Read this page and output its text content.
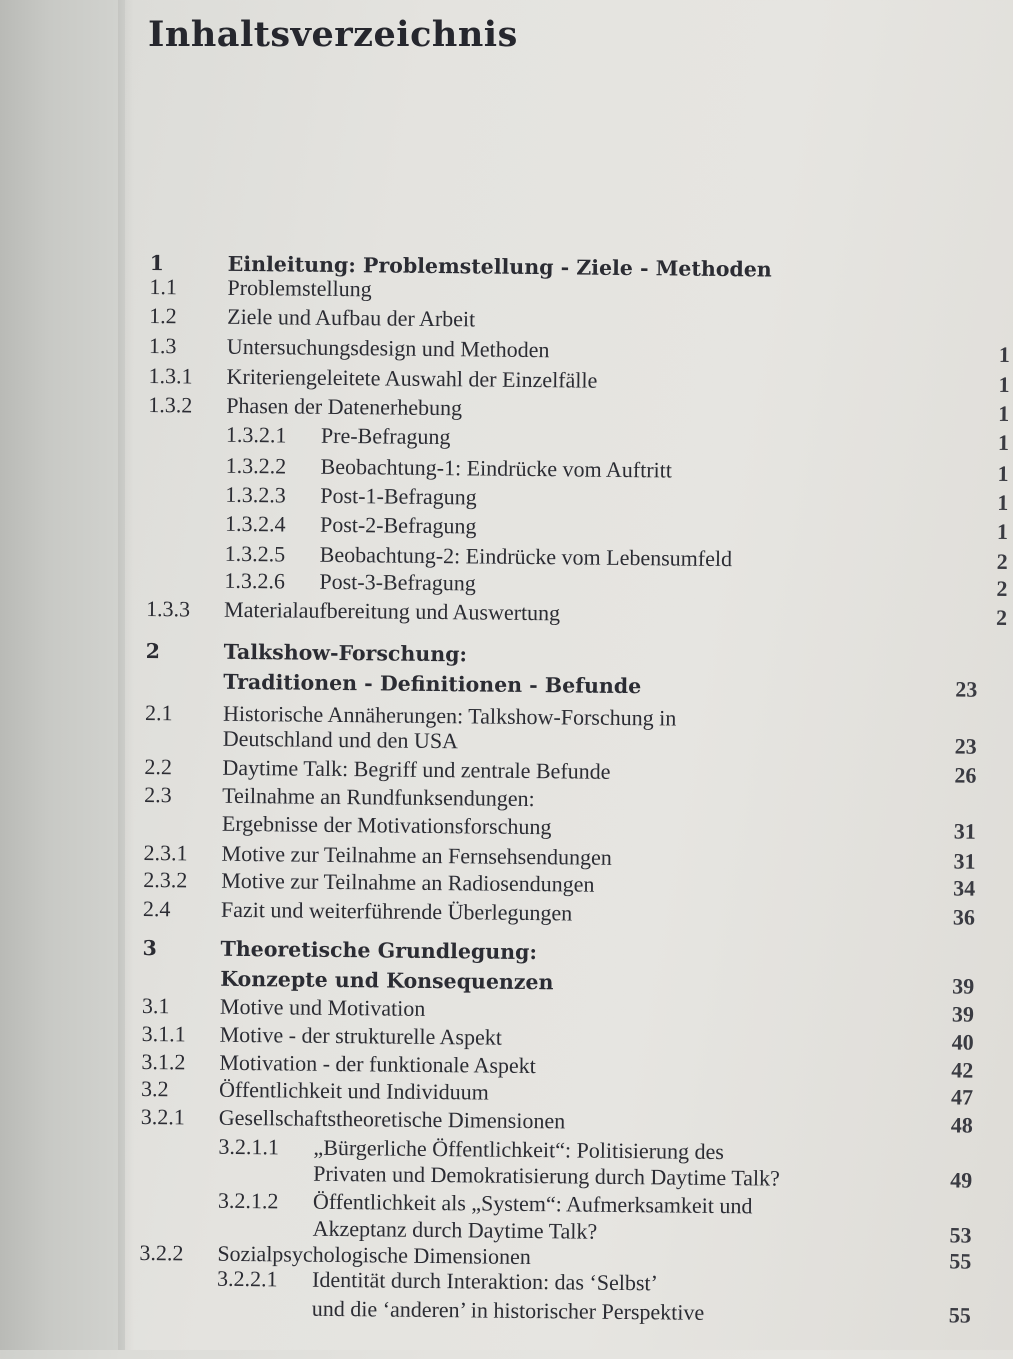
Inhaltsverzeichnis
1	Einleitung: Problemstellung - Ziele - Methoden
1.1 Problemstellung
1.2 Ziele und Aufbau der Arbeit
1.3 Untersuchungsdesign und Methoden	1
1.3.1 Kriteriengeleitete Auswahl der Einzelfälle	1
1.3.2 Phasen der Datenerhebung	1
1.3.2.1 Pre-Befragung	1
1.3.2.2 Beobachtung-1: Eindrücke vom Auftritt	1
1.3.2.3 Post-1-Befragung	1
1.3.2.4 Post-2-Befragung	1
1.3.2.5 Beobachtung-2: Eindrücke vom Lebensumfeld	2
1.3.2.6 Post-3-Befragung	2
1.3.3 Materialaufbereitung und Auswertung	2
2	Talkshow-Forschung:
Traditionen - Definitionen - Befunde	23
2.1 Historische Annäherungen: Talkshow-Forschung in
Deutschland und den USA	23
2.2 Daytime Talk: Begriff und zentrale Befunde	26
2.3 Teilnahme an Rundfunksendungen:
Ergebnisse der Motivationsforschung	31
2.3.1 Motive zur Teilnahme an Fernsehsendungen	31
2.3.2 Motive zur Teilnahme an Radiosendungen	34
2.4 Fazit und weiterführende Überlegungen	36
3	Theoretische Grundlegung:
Konzepte und Konsequenzen	39
3.1 Motive und Motivation	39
3.1.1 Motive - der strukturelle Aspekt	40
3.1.2 Motivation - der funktionale Aspekt	42
3.2 Öffentlichkeit und Individuum	47
3.2.1 Gesellschaftstheoretische Dimensionen	48
3.2.1.1 „Bürgerliche Öffentlichkeit“: Politisierung des
Privaten und Demokratisierung durch Daytime Talk?	49
3.2.1.2 Öffentlichkeit als „System“: Aufmerksamkeit und
Akzeptanz durch Daytime Talk?	53
3.2.2 Sozialpsychologische Dimensionen	55
3.2.2.1 Identität durch Interaktion: das ‘Selbst’
und die ‘anderen’ in historischer Perspektive	55
